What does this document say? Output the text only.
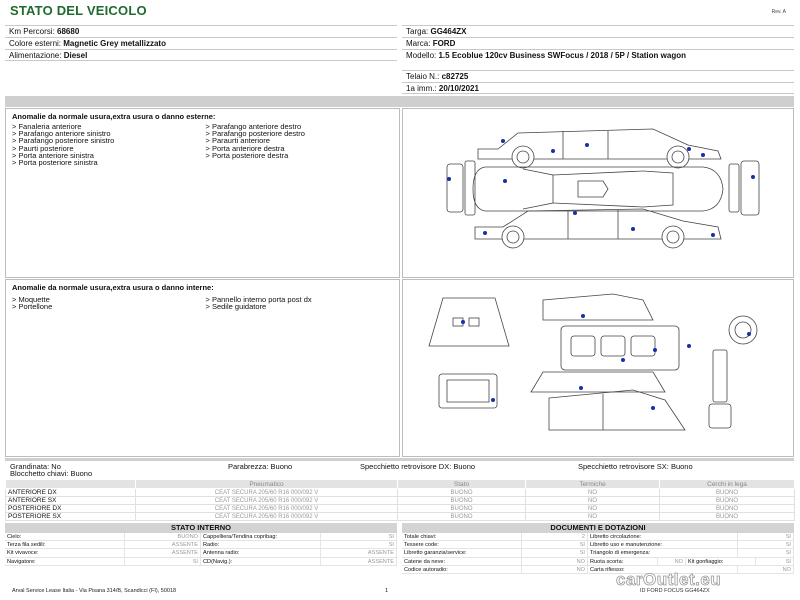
STATO DEL VEICOLO	Rev. A
Km Percorsi: 68680
Colore esterni: Magnetic Grey metallizzato
Alimentazione: Diesel
Targa: GG464ZX
Marca: FORD
Modello: 1.5 Ecoblue 120cv Business SWFocus / 2018 / 5P / Station wagon
Telaio N.: c82725
1a imm.: 20/10/2021
Anomalie da normale usura,extra usura o danno esterne:
> Fanaleria anteriore
> Parafango anteriore sinistro
> Parafango posteriore sinistro
> Paurti posteriore
> Porta anteriore sinistra
> Porta posteriore sinistra
> Parafango anteriore destro
> Parafango posteriore destro
> Paraurti anteriore
> Porta anteriore destra
> Porta posteriore destra
Anomalie da normale usura,extra usura o danno interne:
> Moquette
> Portellone
> Pannello interno porta post dx
> Sedile guidatore
Grandinata: No	Parabrezza: Buono	Specchietto retrovisore DX: Buono	Specchietto retrovisore SX: Buono
Blocchetto chiavi: Buono
	Pneumatico	Stato	Termiche	Cerchi in lega
ANTERIORE DX	CEAT SECURA 205/60 R16 000/092 V	BUONO	NO	BUONO
ANTERIORE SX	CEAT SECURA 205/60 R16 000/092 V	BUONO	NO	BUONO
POSTERIORE DX	CEAT SECURA 205/60 R16 000/092 V	BUONO	NO	BUONO
POSTERIORE SX	CEAT SECURA 205/60 R16 000/092 V	BUONO	NO	BUONO
STATO INTERNO
Cielo:	BUONO Cappelliera/Tendina copribag:	SI
Terza fila sedili:	ASSENTE Radio:	SI
Kit vivavoce:	ASSENTE Antenna radio:	ASSENTE
Navigatore:	SI CD(Navig.):	ASSENTE
DOCUMENTI E DOTAZIONI
Totale chiavi:	2 Libretto circolazione:	SI
Tessere code:	SI Libretto uso e manutenzione:	SI
Libretto garanzia/service:	SI Triangolo di emergenza:	SI
Catene da neve:	NO Ruota scorta:	NO Kit gonfiaggio:	SI
Codice autoradio:	NO Carta rifiesso:	NO
carOutlet.eu
Arval Service Lease Italia - Via Pisana 314/B, Scandicci (FI), 50018	1	ID FORD FOCUS GG464ZX
